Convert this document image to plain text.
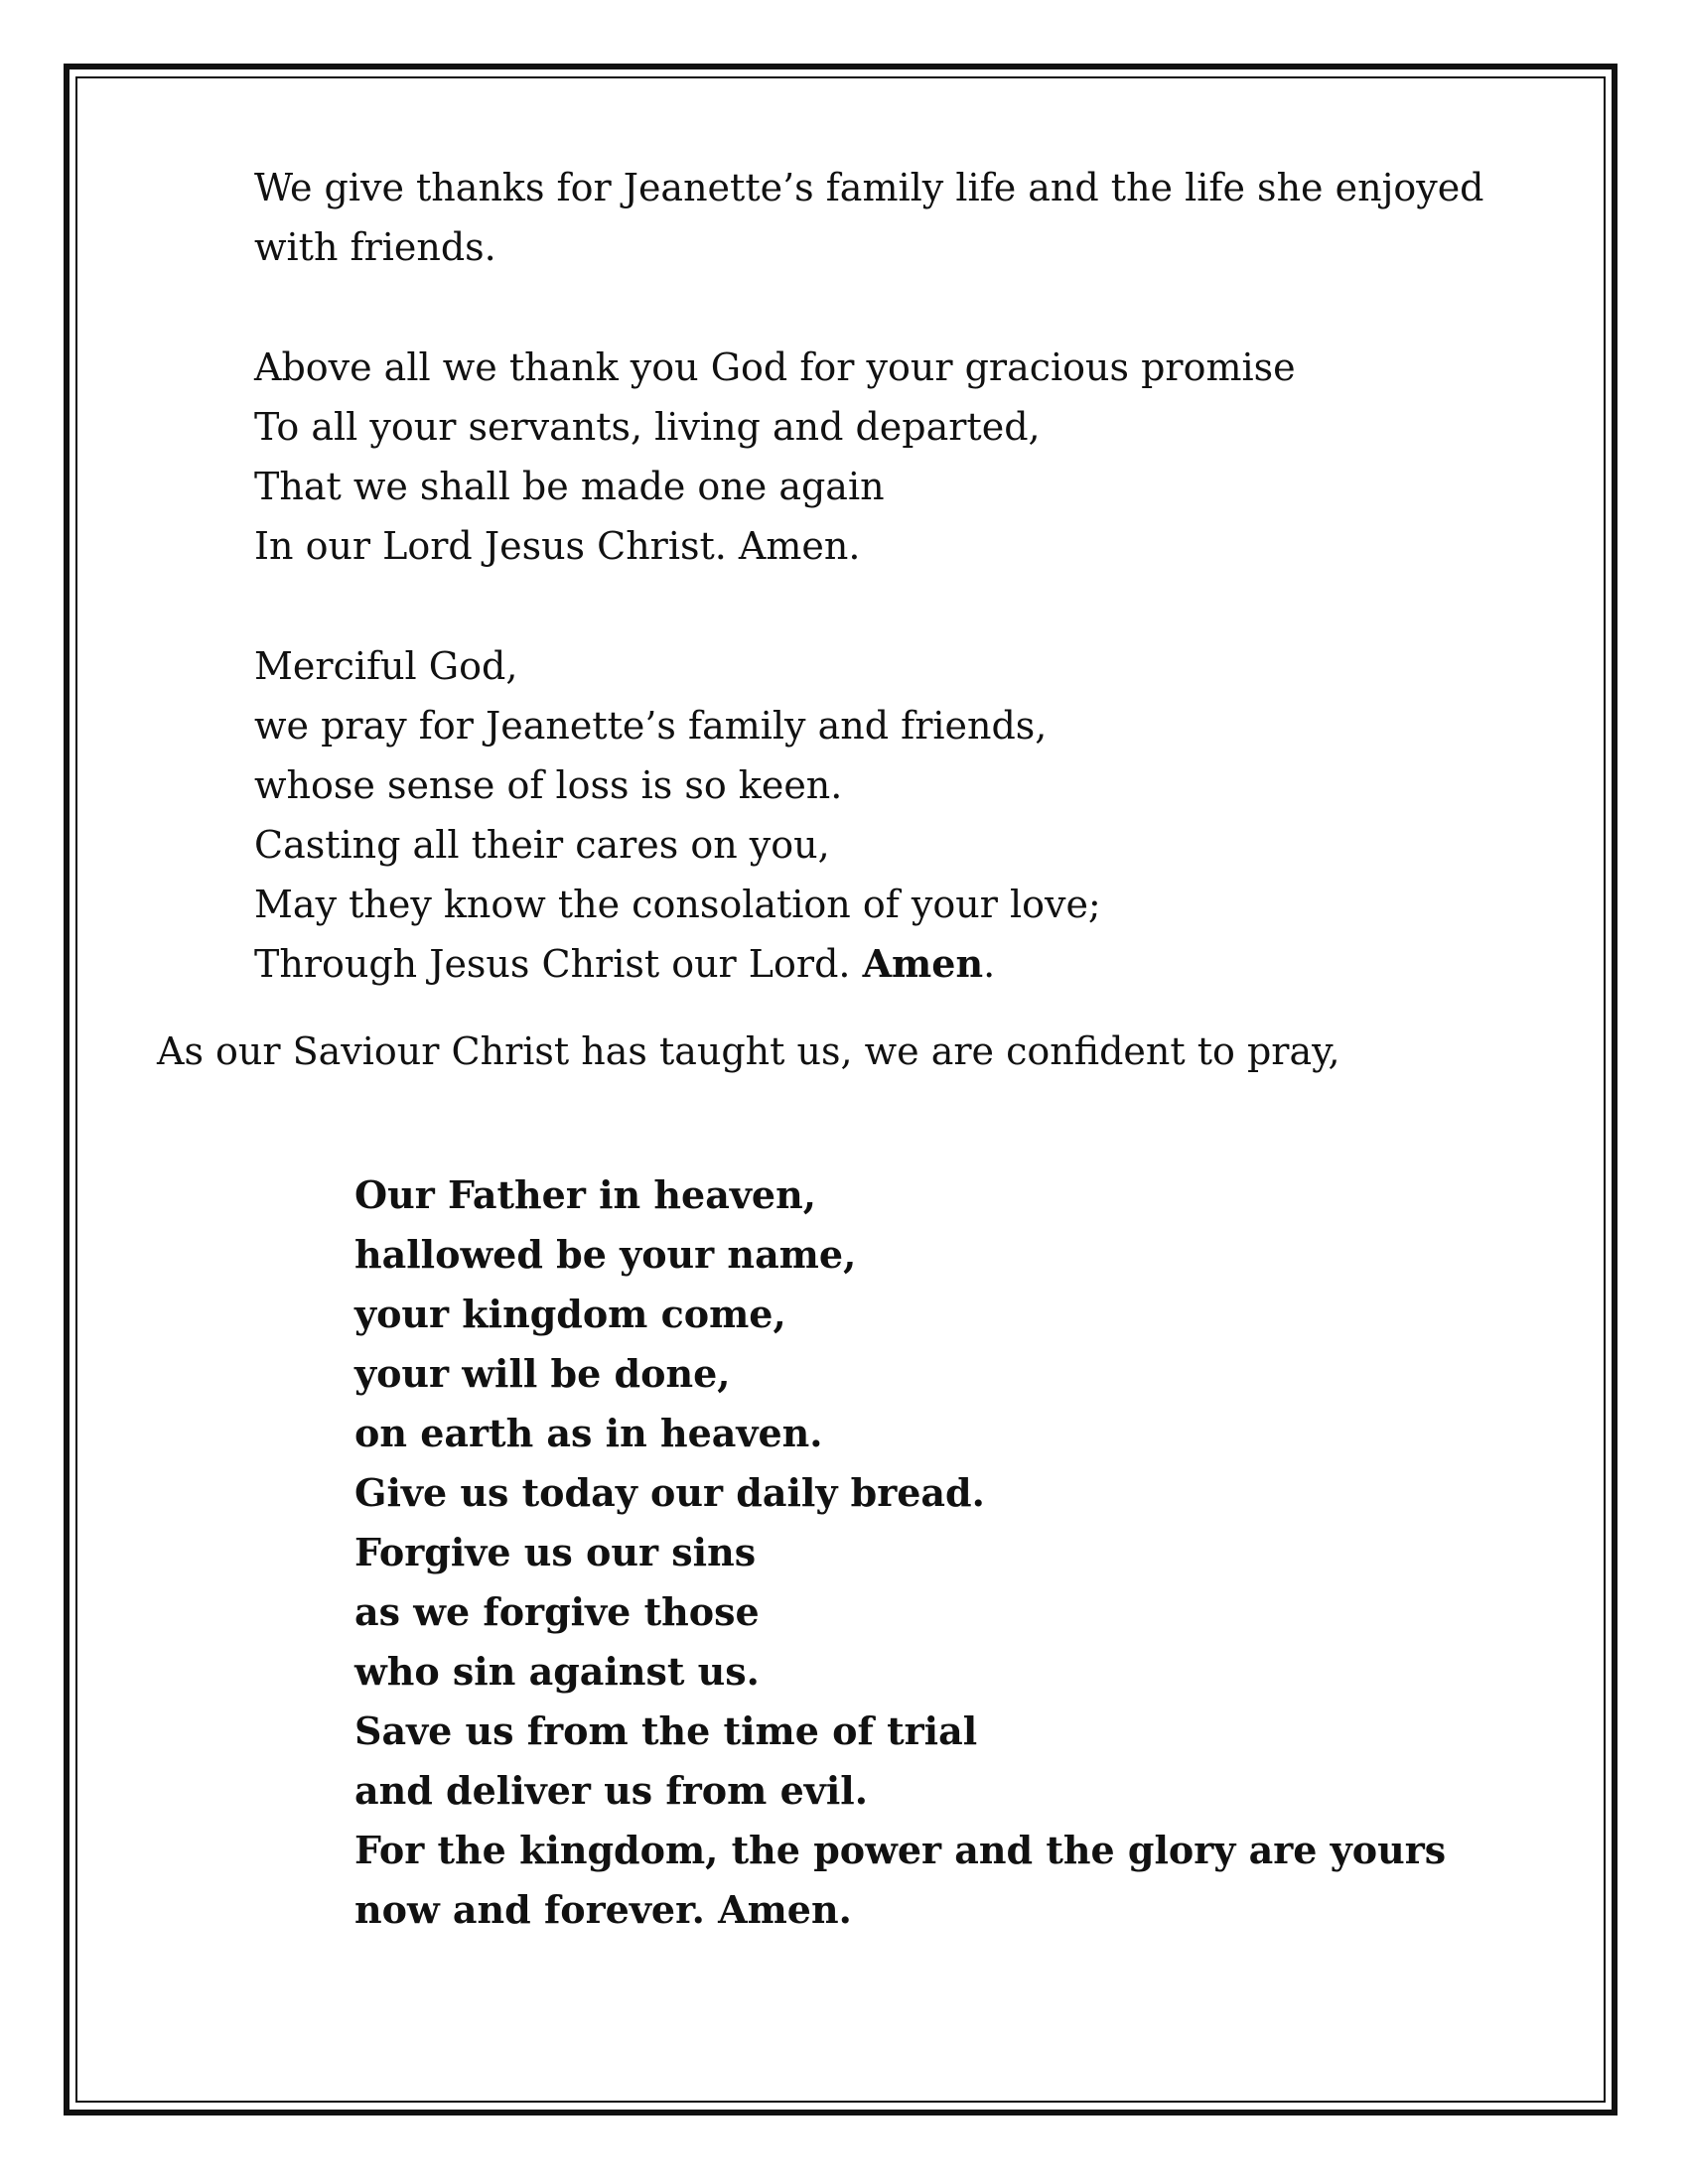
We give thanks for Jeanette’s family life and the life she enjoyed
with friends.
Above all we thank you God for your gracious promise
To all your servants, living and departed,
That we shall be made one again
In our Lord Jesus Christ. Amen.
Merciful God,
we pray for Jeanette’s family and friends,
whose sense of loss is so keen.
Casting all their cares on you,
May they know the consolation of your love;
Through Jesus Christ our Lord. Amen.
As our Saviour Christ has taught us, we are confident to pray,
Our Father in heaven,
hallowed be your name,
your kingdom come,
your will be done,
on earth as in heaven.
Give us today our daily bread.
Forgive us our sins
as we forgive those
who sin against us.
Save us from the time of trial
and deliver us from evil.
For the kingdom, the power and the glory are yours
now and forever. Amen.
